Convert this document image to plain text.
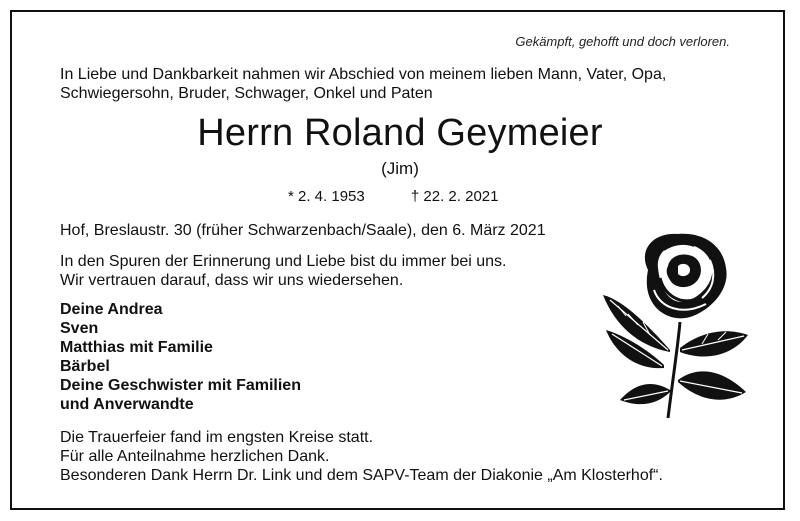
Gekämpft, gehofft und doch verloren.
In Liebe und Dankbarkeit nahmen wir Abschied von meinem lieben Mann, Vater, Opa,
Schwiegersohn, Bruder, Schwager, Onkel und Paten
Herrn Roland Geymeier
(Jim)
* 2. 4. 1953	† 22. 2. 2021
Hof, Breslaustr. 30 (früher Schwarzenbach/Saale), den 6. März 2021
In den Spuren der Erinnerung und Liebe bist du immer bei uns.
Wir vertrauen darauf, dass wir uns wiedersehen.
Deine Andrea
Sven
Matthias mit Familie
Bärbel
Deine Geschwister mit Familien
und Anverwandte
Die Trauerfeier fand im engsten Kreise statt.
Für alle Anteilnahme herzlichen Dank.
Besonderen Dank Herrn Dr. Link und dem SAPV-Team der Diakonie „Am Klosterhof“.
